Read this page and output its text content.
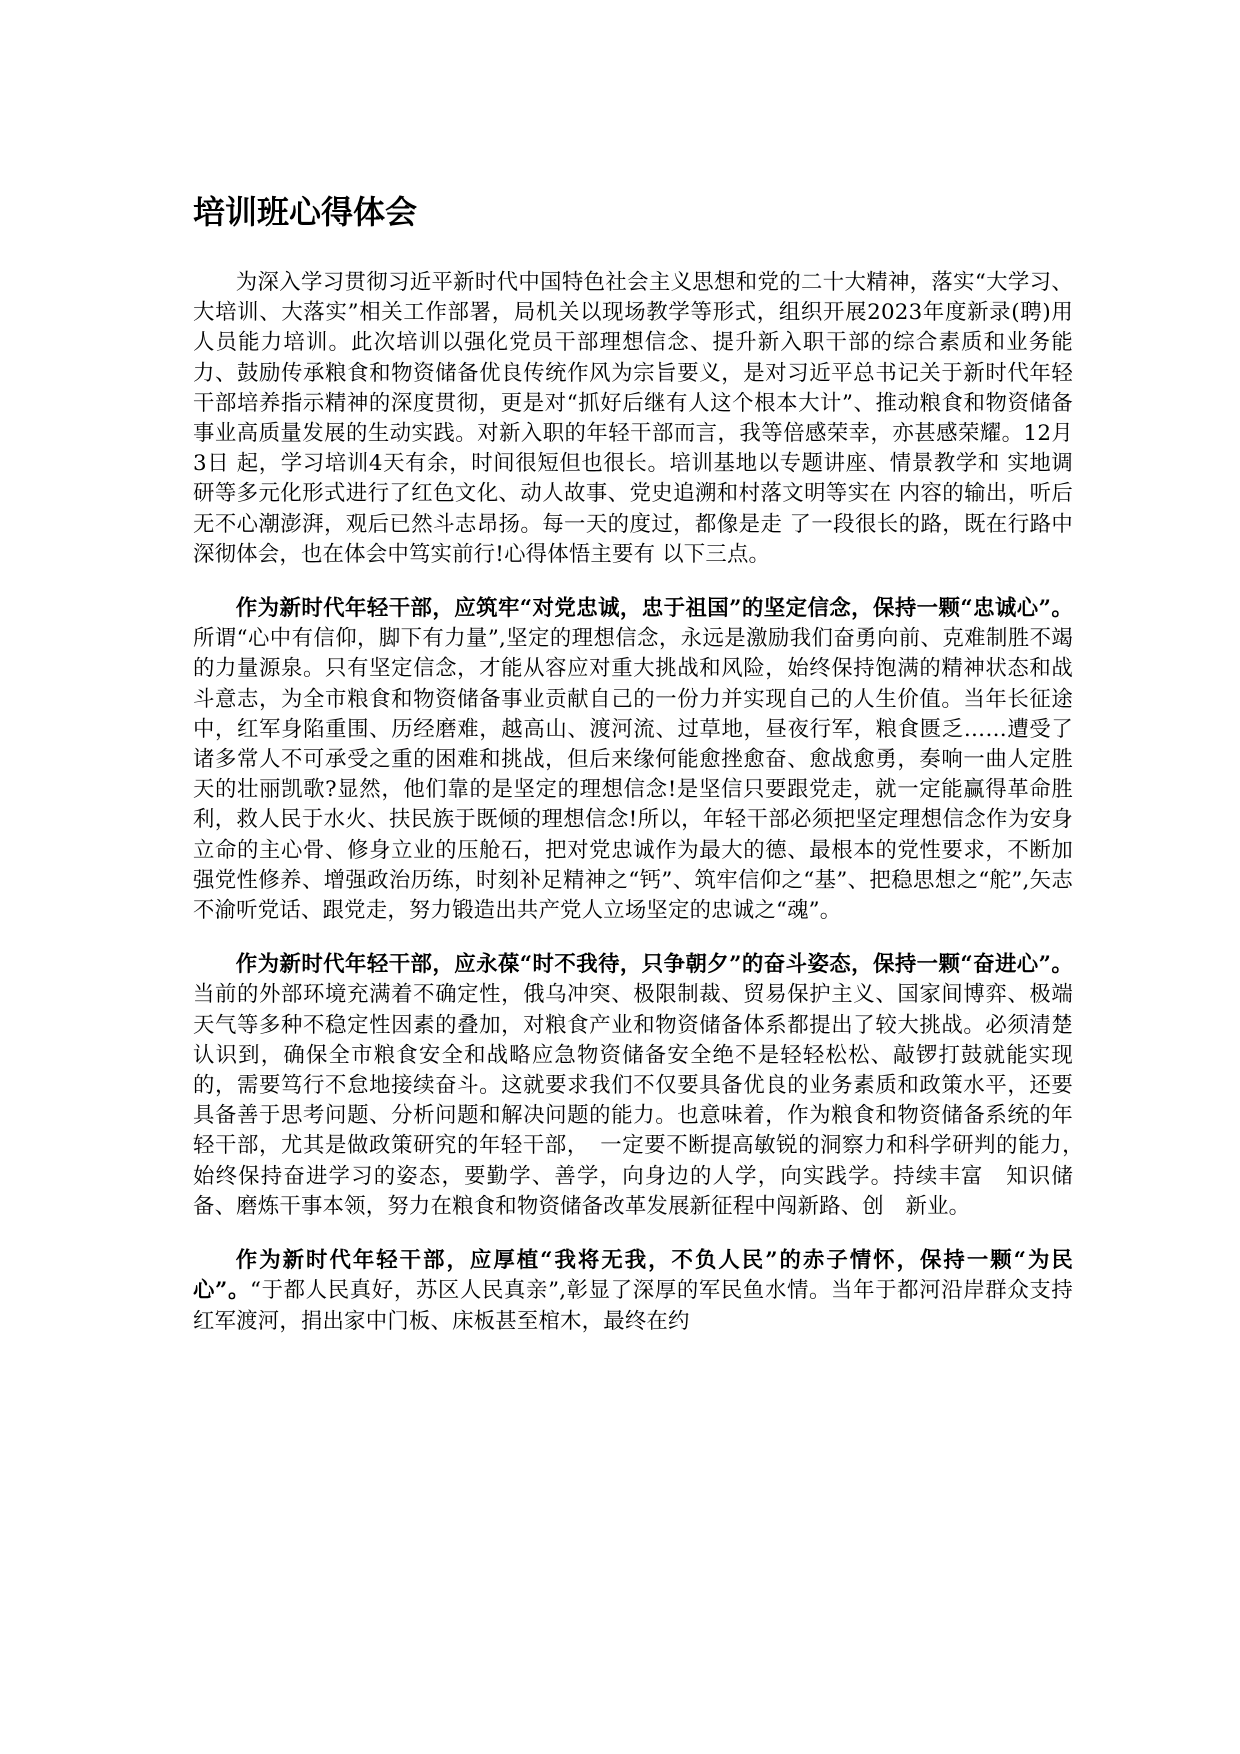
培训班心得体会

为深入学习贯彻习近平新时代中国特色社会主义思想和党的二十大精神，落实“大学习、大培训、大落实”相关工作部署，局机关以现场教学等形式，组织开展2023年度新录(聘)用人员能力培训。此次培训以强化党员干部理想信念、提升新入职干部的综合素质和业务能力、鼓励传承粮食和物资储备优良传统作风为宗旨要义，是对习近平总书记关于新时代年轻干部培养指示精神的深度贯彻，更是对“抓好后继有人这个根本大计”、推动粮食和物资储备事业高质量发展的生动实践。对新入职的年轻干部而言，我等倍感荣幸，亦甚感荣耀。12月3日 起，学习培训4天有余，时间很短但也很长。培训基地以专题讲座、情景教学和 实地调研等多元化形式进行了红色文化、动人故事、党史追溯和村落文明等实在 内容的输出，听后无不心潮澎湃，观后已然斗志昂扬。每一天的度过，都像是走 了一段很长的路，既在行路中深彻体会，也在体会中笃实前行!心得体悟主要有 以下三点。

作为新时代年轻干部，应筑牢“对党忠诚，忠于祖国”的坚定信念，保持一颗“忠诚心”。所谓“心中有信仰，脚下有力量”,坚定的理想信念，永远是激励我们奋勇向前、克难制胜不竭的力量源泉。只有坚定信念，才能从容应对重大挑战和风险，始终保持饱满的精神状态和战斗意志，为全市粮食和物资储备事业贡献自己的一份力并实现自己的人生价值。当年长征途中，红军身陷重围、历经磨难，越高山、渡河流、过草地，昼夜行军，粮食匮乏……遭受了诸多常人不可承受之重的困难和挑战，但后来缘何能愈挫愈奋、愈战愈勇，奏响一曲人定胜天的壮丽凯歌?显然，他们靠的是坚定的理想信念!是坚信只要跟党走，就一定能赢得革命胜利，救人民于水火、扶民族于既倾的理想信念!所以，年轻干部必须把坚定理想信念作为安身立命的主心骨、修身立业的压舱石，把对党忠诚作为最大的德、最根本的党性要求，不断加强党性修养、增强政治历练，时刻补足精神之“钙”、筑牢信仰之“基”、把稳思想之“舵”,矢志不渝听党话、跟党走，努力锻造出共产党人立场坚定的忠诚之“魂”。

作为新时代年轻干部，应永葆“时不我待，只争朝夕”的奋斗姿态，保持一颗“奋进心”。当前的外部环境充满着不确定性，俄乌冲突、极限制裁、贸易保护主义、国家间博弈、极端天气等多种不稳定性因素的叠加，对粮食产业和物资储备体系都提出了较大挑战。必须清楚认识到，确保全市粮食安全和战略应急物资储备安全绝不是轻轻松松、敲锣打鼓就能实现的，需要笃行不怠地接续奋斗。这就要求我们不仅要具备优良的业务素质和政策水平，还要具备善于思考问题、分析问题和解决问题的能力。也意味着，作为粮食和物资储备系统的年轻干部，尤其是做政策研究的年轻干部，　一定要不断提高敏锐的洞察力和科学研判的能力，　始终保持奋进学习的姿态，要勤学、善学，向身边的人学，向实践学。持续丰富　知识储备、磨炼干事本领，努力在粮食和物资储备改革发展新征程中闯新路、创　新业。

作为新时代年轻干部，应厚植“我将无我，不负人民”的赤子情怀，保持一颗“为民心”。“于都人民真好，苏区人民真亲”,彰显了深厚的军民鱼水情。当年于都河沿岸群众支持红军渡河，捐出家中门板、床板甚至棺木，最终在约
